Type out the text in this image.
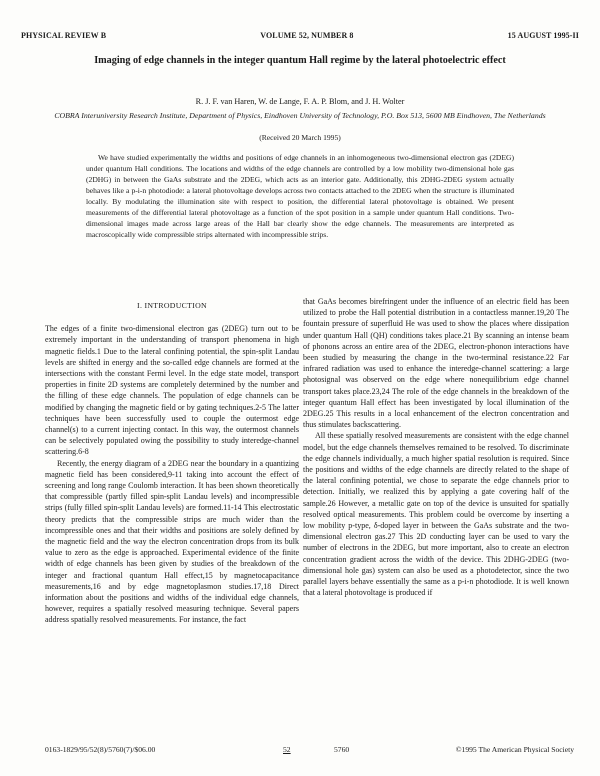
PHYSICAL REVIEW B	VOLUME 52, NUMBER 8	15 AUGUST 1995-II
Imaging of edge channels in the integer quantum Hall regime by the lateral photoelectric effect
R. J. F. van Haren, W. de Lange, F. A. P. Blom, and J. H. Wolter
COBRA Interuniversity Research Institute, Department of Physics, Eindhoven University of Technology, P.O. Box 513, 5600 MB Eindhoven, The Netherlands
(Received 20 March 1995)

We have studied experimentally the widths and positions of edge channels in an inhomogeneous two-dimensional electron gas (2DEG) under quantum Hall conditions. The locations and widths of the edge channels are controlled by a low mobility two-dimensional hole gas (2DHG) in between the GaAs substrate and the 2DEG, which acts as an interior gate. Additionally, this 2DHG-2DEG system actually behaves like a p-i-n photodiode: a lateral photovoltage develops across two contacts attached to the 2DEG when the structure is illuminated locally. By modulating the illumination site with respect to position, the differential lateral photovoltage is obtained. We present measurements of the differential lateral photovoltage as a function of the spot position in a sample under quantum Hall conditions. Two-dimensional images made across large areas of the Hall bar clearly show the edge channels. The measurements are interpreted as macroscopically wide compressible strips alternated with incompressible strips.

I. INTRODUCTION

The edges of a finite two-dimensional electron gas (2DEG) turn out to be extremely important in the understanding of transport phenomena in high magnetic fields.1 Due to the lateral confining potential, the spin-split Landau levels are shifted in energy and the so-called edge channels are formed at the intersections with the constant Fermi level. In the edge state model, transport properties in finite 2D systems are completely determined by the number and the filling of these edge channels. The population of edge channels can be modified by changing the magnetic field or by gating techniques.2-5 The latter techniques have been successfully used to couple the outermost edge channel(s) to a current injecting contact. In this way, the outermost channels can be selectively populated owing the possibility to study interedge-channel scattering.6-8

Recently, the energy diagram of a 2DEG near the boundary in a quantizing magnetic field has been considered,9-11 taking into account the effect of screening and long range Coulomb interaction. It has been shown theoretically that compressible (partly filled spin-split Landau levels) and incompressible strips (fully filled spin-split Landau levels) are formed.11-14 This electrostatic theory predicts that the compressible strips are much wider than the incompressible ones and that their widths and positions are solely defined by the magnetic field and the way the electron concentration drops from its bulk value to zero as the edge is approached. Experimental evidence of the finite width of edge channels has been given by studies of the breakdown of the integer and fractional quantum Hall effect,15 by magnetocapacitance measurements,16 and by edge magnetoplasmon studies.17,18 Direct information about the positions and widths of the individual edge channels, however, requires a spatially resolved measuring technique. Several papers address spatially resolved measurements. For instance, the fact

that GaAs becomes birefringent under the influence of an electric field has been utilized to probe the Hall potential distribution in a contactless manner.19,20 The fountain pressure of superfluid He was used to show the places where dissipation under quantum Hall (QH) conditions takes place.21 By scanning an intense beam of phonons across an entire area of the 2DEG, electron-phonon interactions have been studied by measuring the change in the two-terminal resistance.22 Far infrared radiation was used to enhance the interedge-channel scattering: a large photosignal was observed on the edge where nonequilibrium edge channel transport takes place.23,24 The role of the edge channels in the breakdown of the integer quantum Hall effect has been investigated by local illumination of the 2DEG.25 This results in a local enhancement of the electron concentration and thus stimulates backscattering.

All these spatially resolved measurements are consistent with the edge channel model, but the edge channels themselves remained to be resolved. To discriminate the edge channels individually, a much higher spatial resolution is required. Since the positions and widths of the edge channels are directly related to the shape of the lateral confining potential, we chose to separate the edge channels prior to detection. Initially, we realized this by applying a gate covering half of the sample.26 However, a metallic gate on top of the device is unsuited for spatially resolved optical measurements. This problem could be overcome by inserting a low mobility p-type, δ-doped layer in between the GaAs substrate and the two-dimensional electron gas.27 This 2D conducting layer can be used to vary the number of electrons in the 2DEG, but more important, also to create an electron concentration gradient across the width of the device. This 2DHG-2DEG (two-dimensional hole gas) system can also be used as a photodetector, since the two parallel layers behave essentially the same as a p-i-n photodiode. It is well known that a lateral photovoltage is produced if

0163-1829/95/52(8)/5760(7)/$06.00	52	5760	©1995 The American Physical Society
